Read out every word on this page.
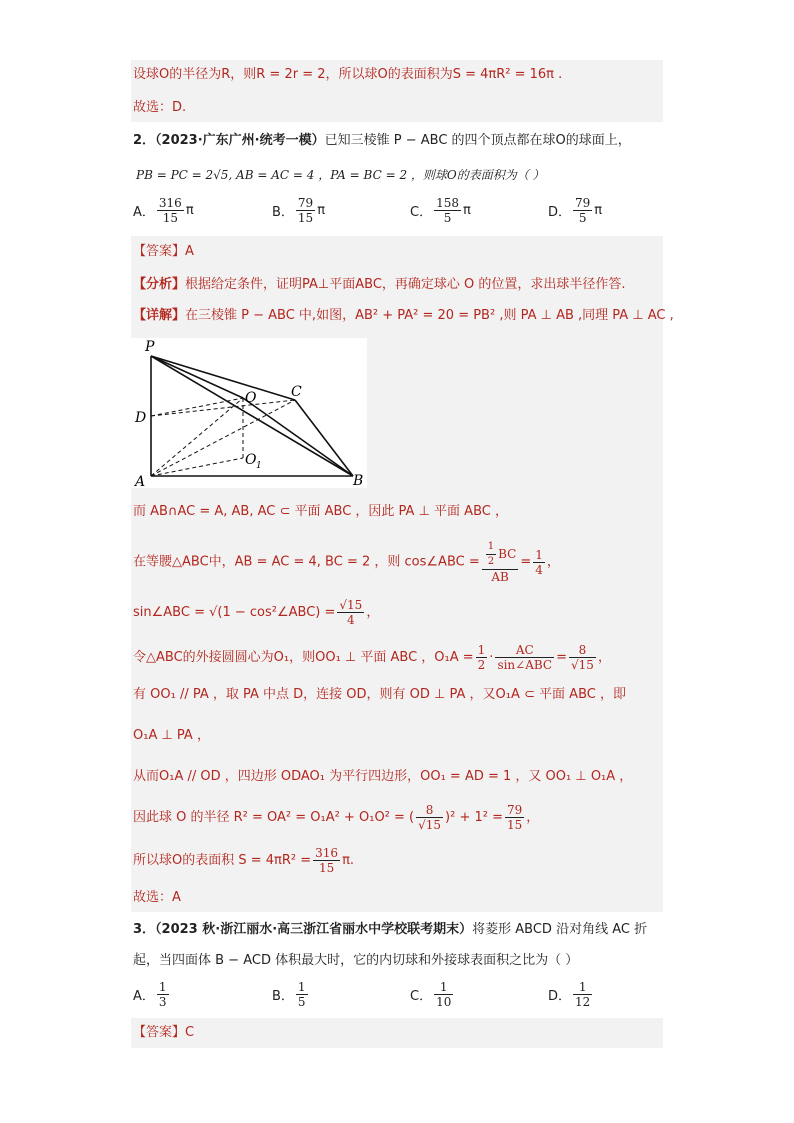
设球O的半径为R，则R = 2r = 2，所以球O的表面积为S = 4πR² = 16π .
故选：D.
2．（2023·广东广州·统考一模）已知三棱锥 P − ABC 的四个顶点都在球O的球面上，
PB = PC = 2√5, AB = AC = 4 ，PA = BC = 2 ，则球O的表面积为（ ）
A． $\frac{316}{15}$ π	B． $\frac{79}{15}$ π	C． $\frac{158}{5}$ π	D． $\frac{79}{5}$ π
【答案】A
【分析】根据给定条件，证明PA⊥平面ABC，再确定球心 O 的位置，求出球半径作答.
【详解】在三棱锥 P − ABC 中,如图，AB² + PA² = 20 = PB² ,则 PA ⊥ AB ,同理 PA ⊥ AC ,
P
C
D
O
O 1
A	B
而 AB∩AC = A, AB, AC ⊂ 平面 ABC ，因此 PA ⊥ 平面 ABC ，
在等腰△ABC中，AB = AC = 4, BC = 2 ，则 cos∠ABC = $\frac{\frac{1}{2} BC}{AB} = \frac{1}{4}$ ，
sin∠ABC = √(1 − cos²∠ABC) = $\frac{√15}{4}$ ，
令△ABC的外接圆圆心为O₁，则OO₁ ⊥ 平面 ABC ，$O_1A = \frac{1}{2} \cdot \frac{AC}{\text{sin∠ABC}} = \frac{8}{√15}$ ，
有 OO₁ // PA ，取 PA 中点 D，连接 OD，则有 OD ⊥ PA ，又O₁A ⊂ 平面 ABC ，即
O₁A ⊥ PA ，
从而O₁A // OD ，四边形 ODAO₁ 为平行四边形，OO₁ = AD = 1 ，又 OO₁ ⊥ O₁A ，
因此球 O 的半径 R² = OA² = O₁A² + O₁O² = ( $\frac{8}{√15} )^2 + 1^2 = \frac{79}{15}$ ，
所以球O的表面积 $S = 4\pi R^2 = \frac{316}{15} \pi$.
故选：A
3．（2023 秋·浙江丽水·高三浙江省丽水中学校联考期末）将菱形 ABCD 沿对角线 AC 折
起，当四面体 B − ACD 体积最大时，它的内切球和外接球表面积之比为（ ）
A． $\frac{1}{3}$	B． $\frac{1}{5}$	C． $\frac{1}{10}$	D． $\frac{1}{12}$
【答案】C
